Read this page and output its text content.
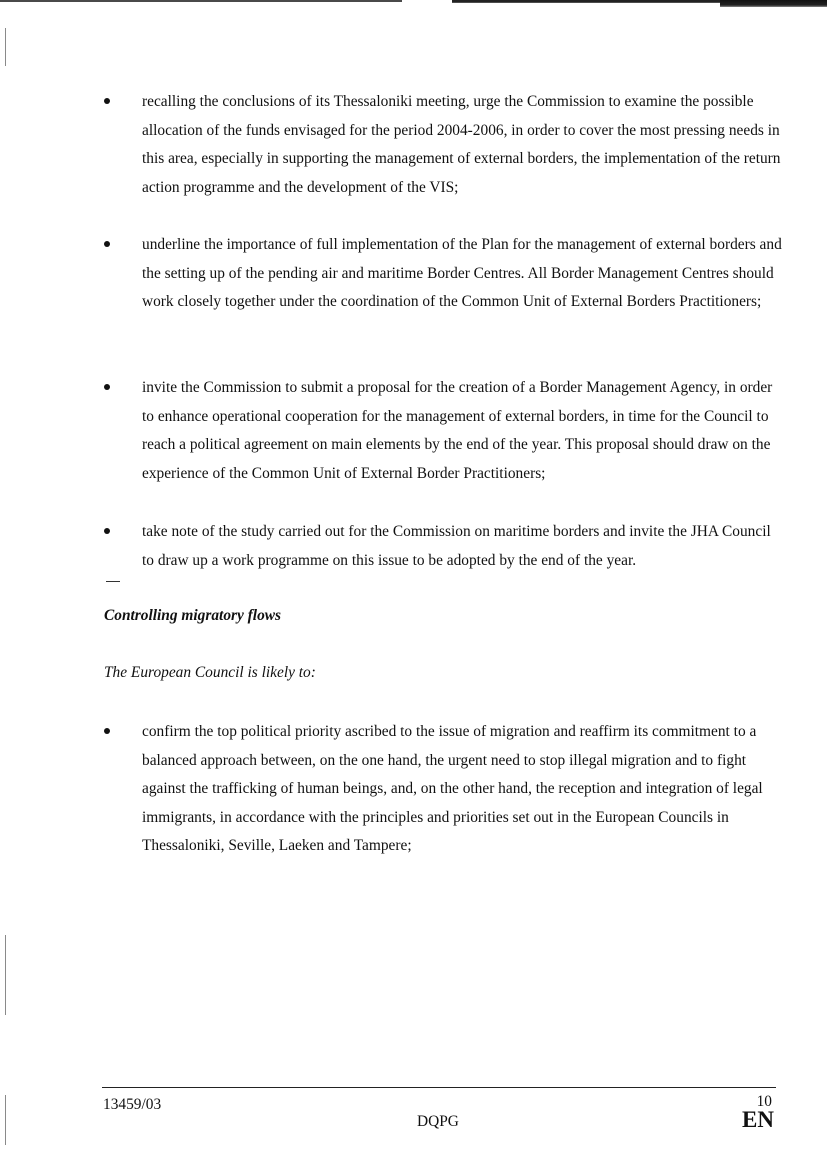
recalling the conclusions of its Thessaloniki meeting, urge the Commission to examine the possible allocation of the funds envisaged for the period 2004-2006, in order to cover the most pressing needs in this area, especially in supporting the management of external borders, the implementation of the return action programme and the development of the VIS;

underline the importance of full implementation of the Plan for the management of external borders and the setting up of the pending air and maritime Border Centres. All Border Management Centres should work closely together under the coordination of the Common Unit of External Borders Practitioners;

invite the Commission to submit a proposal for the creation of a Border Management Agency, in order to enhance operational cooperation for the management of external borders, in time for the Council to reach a political agreement on main elements by the end of the year. This proposal should draw on the experience of the Common Unit of External Border Practitioners;

take note of the study carried out for the Commission on maritime borders and invite the JHA Council to draw up a work programme on this issue to be adopted by the end of the year.

Controlling migratory flows

The European Council is likely to:

confirm the top political priority ascribed to the issue of migration and reaffirm its commitment to a balanced approach between, on the one hand, the urgent need to stop illegal migration and to fight against the trafficking of human beings, and, on the other hand, the reception and integration of legal immigrants, in accordance with the principles and priorities set out in the European Councils in Thessaloniki, Seville, Laeken and Tampere;

13459/03
DQPG
10
EN
